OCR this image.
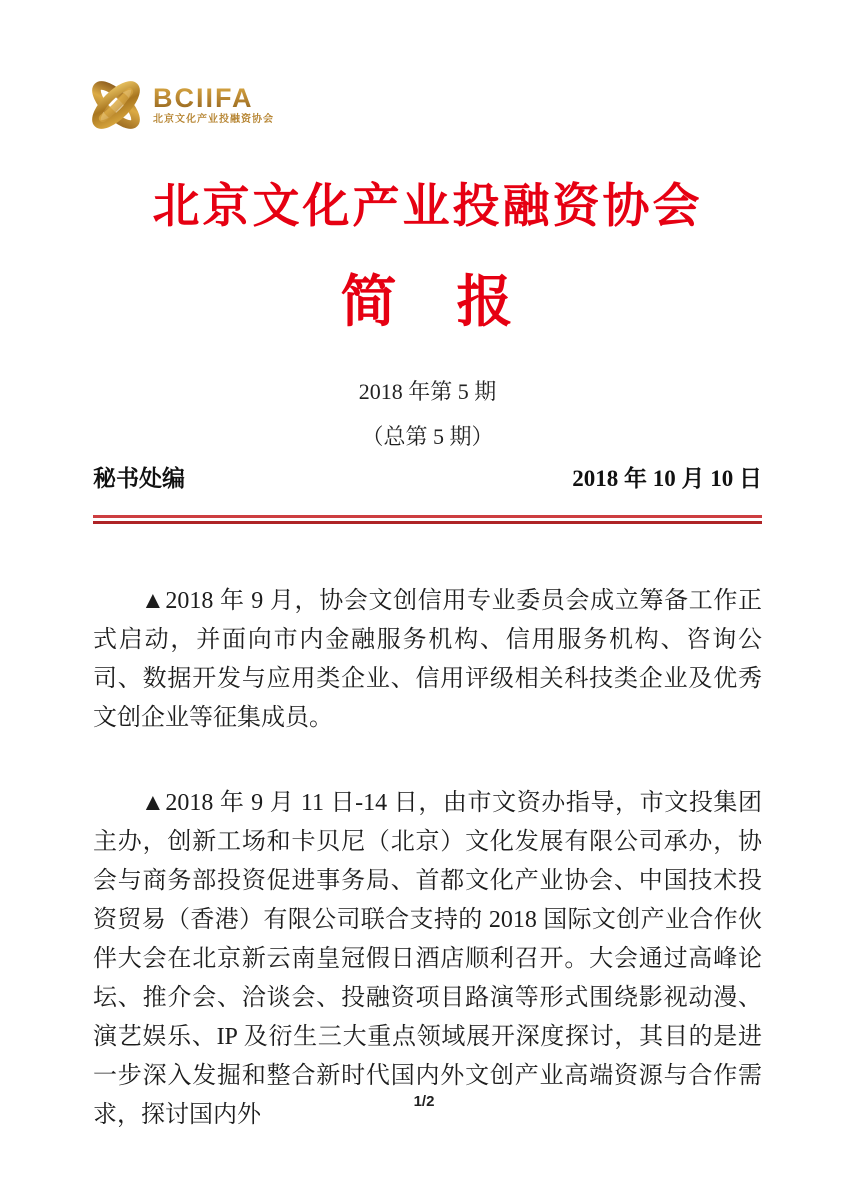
BCIIFA
北京文化产业投融资协会
北京文化产业投融资协会
简　报
2018 年第 5 期
（总第 5 期）
秘书处编	2018 年 10 月 10 日

▲2018 年 9 月，协会文创信用专业委员会成立筹备工作正式启动，并面向市内金融服务机构、信用服务机构、咨询公司、数据开发与应用类企业、信用评级相关科技类企业及优秀文创企业等征集成员。

▲2018 年 9 月 11 日-14 日，由市文资办指导，市文投集团主办，创新工场和卡贝尼（北京）文化发展有限公司承办，协会与商务部投资促进事务局、首都文化产业协会、中国技术投资贸易（香港）有限公司联合支持的 2018 国际文创产业合作伙伴大会在北京新云南皇冠假日酒店顺利召开。大会通过高峰论坛、推介会、洽谈会、投融资项目路演等形式围绕影视动漫、演艺娱乐、IP 及衍生三大重点领域展开深度探讨，其目的是进一步深入发掘和整合新时代国内外文创产业高端资源与合作需求，探讨国内外

1/2
